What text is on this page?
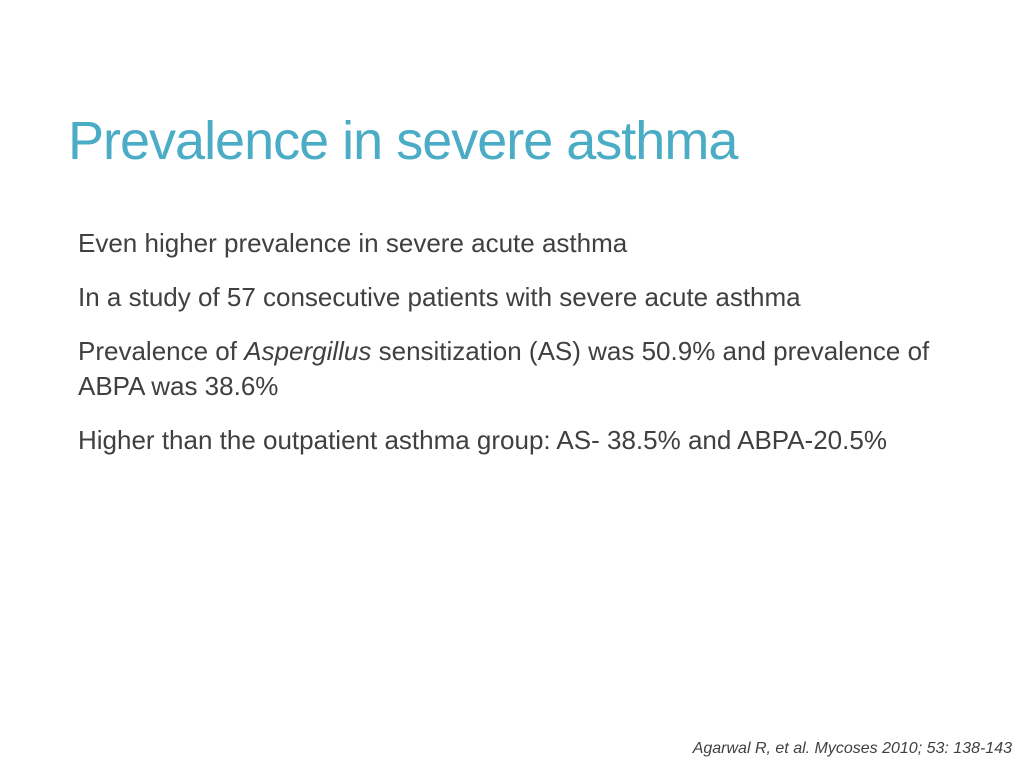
Prevalence in severe asthma
Even higher prevalence in severe acute asthma
In a study of 57 consecutive patients with severe acute asthma
Prevalence of Aspergillus sensitization (AS) was 50.9% and prevalence of ABPA was 38.6%
Higher than the outpatient asthma group: AS- 38.5% and ABPA-20.5%

Agarwal R, et al. Mycoses 2010; 53: 138-143
